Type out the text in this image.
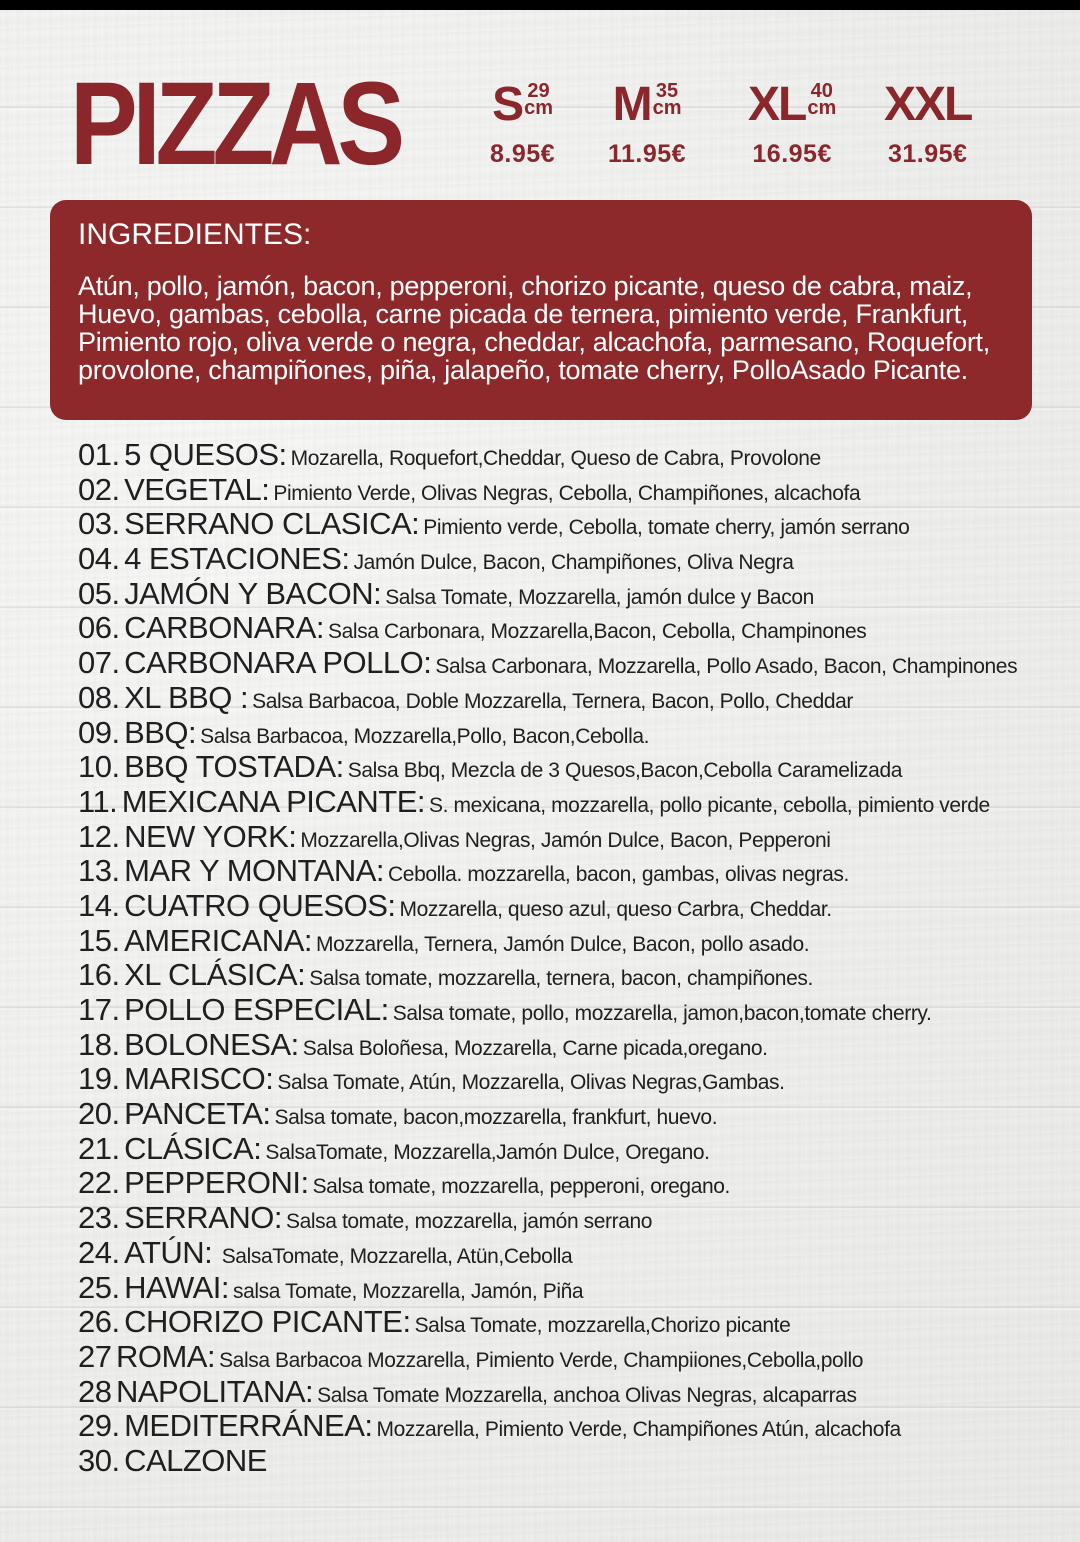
PIZZAS S 29
cm
8.95€
M 35
cm
11.95€
XL 40
cm
16.95€
XXL
31.95€
INGREDIENTES:
Atún, pollo, jamón, bacon, pepperoni, chorizo picante, queso de cabra, maiz,
Huevo, gambas, cebolla, carne picada de ternera, pimiento verde, Frankfurt,
Pimiento rojo, oliva verde o negra, cheddar, alcachofa, parmesano, Roquefort,
provolone, champiñones, piña, jalapeño, tomate cherry, PolloAsado Picante.
01. 5 QUESOS: Mozarella, Roquefort,Cheddar, Queso de Cabra, Provolone
02. VEGETAL: Pimiento Verde, Olivas Negras, Cebolla, Champiñones, alcachofa
03. SERRANO CLASICA: Pimiento verde, Cebolla, tomate cherry, jamón serrano
04. 4 ESTACIONES: Jamón Dulce, Bacon, Champiñones, Oliva Negra
05. JAMÓN Y BACON: Salsa Tomate, Mozzarella, jamón dulce y Bacon
06. CARBONARA: Salsa Carbonara, Mozzarella,Bacon, Cebolla, Champinones
07. CARBONARA POLLO: Salsa Carbonara, Mozzarella, Pollo Asado, Bacon, Champinones
08. XL BBQ : Salsa Barbacoa, Doble Mozzarella, Ternera, Bacon, Pollo, Cheddar
09. BBQ: Salsa Barbacoa, Mozzarella,Pollo, Bacon,Cebolla.
10. BBQ TOSTADA: Salsa Bbq, Mezcla de 3 Quesos,Bacon,Cebolla Caramelizada
11. MEXICANA PICANTE: S. mexicana, mozzarella, pollo picante, cebolla, pimiento verde
12. NEW YORK: Mozzarella,Olivas Negras, Jamón Dulce, Bacon, Pepperoni
13. MAR Y MONTANA: Cebolla. mozzarella, bacon, gambas, olivas negras.
14. CUATRO QUESOS: Mozzarella, queso azul, queso Carbra, Cheddar.
15. AMERICANA: Mozzarella, Ternera, Jamón Dulce, Bacon, pollo asado.
16. XL CLÁSICA: Salsa tomate, mozzarella, ternera, bacon, champiñones.
17. POLLO ESPECIAL: Salsa tomate, pollo, mozzarella, jamon,bacon,tomate cherry.
18. BOLONESA: Salsa Boloñesa, Mozzarella, Carne picada,oregano.
19. MARISCO: Salsa Tomate, Atún, Mozzarella, Olivas Negras,Gambas.
20. PANCETA: Salsa tomate, bacon,mozzarella, frankfurt, huevo.
21. CLÁSICA: SalsaTomate, Mozzarella,Jamón Dulce, Oregano.
22. PEPPERONI: Salsa tomate, mozzarella, pepperoni, oregano.
23. SERRANO: Salsa tomate, mozzarella, jamón serrano
24. ATÚN: SalsaTomate, Mozzarella, Atün,Cebolla
25. HAWAI: salsa Tomate, Mozzarella, Jamón, Piña
26. CHORIZO PICANTE: Salsa Tomate, mozzarella,Chorizo picante
27 ROMA: Salsa Barbacoa Mozzarella, Pimiento Verde, Champiiones,Cebolla,pollo
28 NAPOLITANA: Salsa Tomate Mozzarella, anchoa Olivas Negras, alcaparras
29. MEDITERRÁNEA: Mozzarella, Pimiento Verde, Champiñones Atún, alcachofa
30. CALZONE
